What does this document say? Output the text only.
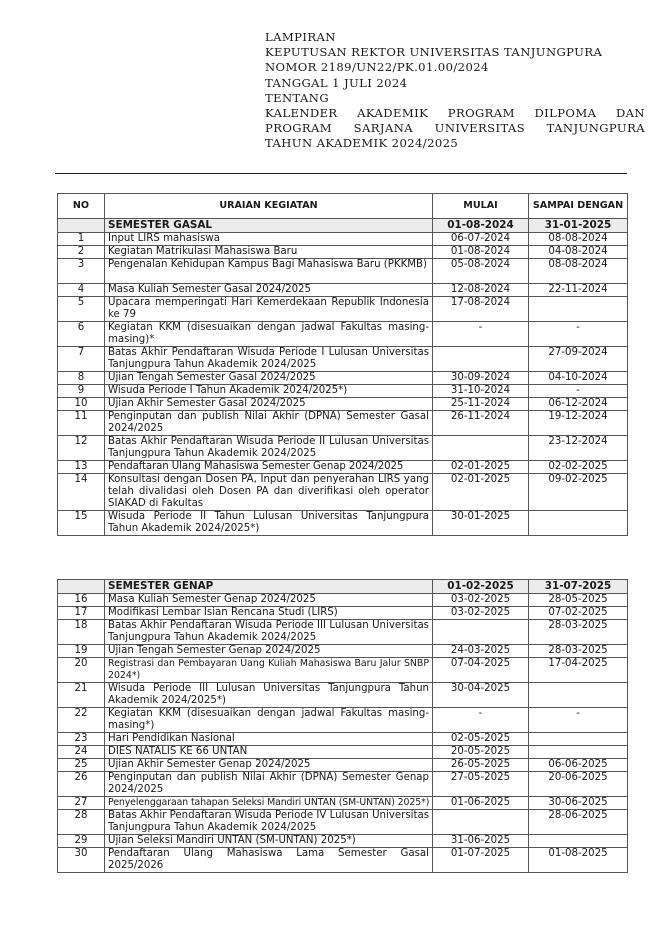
LAMPIRAN
KEPUTUSAN REKTOR UNIVERSITAS TANJUNGPURA
NOMOR 2189/UN22/PK.01.00/2024
TANGGAL 1 JULI 2024
TENTANG
KALENDER AKADEMIK PROGRAM DILPOMA DAN
PROGRAM SARJANA UNIVERSITAS TANJUNGPURA
TAHUN AKADEMIK 2024/2025
NO	URAIAN KEGIATAN	MULAI	SAMPAI DENGAN
	SEMESTER GASAL	01-08-2024	31-01-2025
1	Input LIRS mahasiswa	06-07-2024	08-08-2024
2	Kegiatan Matrikulasi Mahasiswa Baru	01-08-2024	04-08-2024
3	Pengenalan Kehidupan Kampus Bagi Mahasiswa Baru (PKKMB)	05-08-2024	08-08-2024
4	Masa Kuliah Semester Gasal 2024/2025	12-08-2024	22-11-2024
5	Upacara memperingati Hari Kemerdekaan Republik Indonesia ke 79	17-08-2024	
6	Kegiatan KKM (disesuaikan dengan jadwal Fakultas masing-masing)*	-	-
7	Batas Akhir Pendaftaran Wisuda Periode I Lulusan Universitas Tanjungpura Tahun Akademik 2024/2025		27-09-2024
8	Ujian Tengah Semester Gasal 2024/2025	30-09-2024	04-10-2024
9	Wisuda Periode I Tahun Akademik 2024/2025*)	31-10-2024	-
10	Ujian Akhir Semester Gasal 2024/2025	25-11-2024	06-12-2024
11	Penginputan dan publish Nilai Akhir (DPNA) Semester Gasal 2024/2025	26-11-2024	19-12-2024
12	Batas Akhir Pendaftaran Wisuda Periode II Lulusan Universitas Tanjungpura Tahun Akademik 2024/2025		23-12-2024
13	Pendaftaran Ulang Mahasiswa Semester Genap 2024/2025	02-01-2025	02-02-2025
14	Konsultasi dengan Dosen PA, Input dan penyerahan LIRS yang telah divalidasi oleh Dosen PA dan diverifikasi oleh operator SIAKAD di Fakultas	02-01-2025	09-02-2025
15	Wisuda Periode II Tahun Lulusan Universitas Tanjungpura Tahun Akademik 2024/2025*)	30-01-2025	
	SEMESTER GENAP	01-02-2025	31-07-2025
16	Masa Kuliah Semester Genap 2024/2025	03-02-2025	28-05-2025
17	Modifikasi Lembar Isian Rencana Studi (LIRS)	03-02-2025	07-02-2025
18	Batas Akhir Pendaftaran Wisuda Periode III Lulusan Universitas Tanjungpura Tahun Akademik 2024/2025		28-03-2025
19	Ujian Tengah Semester Genap 2024/2025	24-03-2025	28-03-2025
20	Registrasi dan Pembayaran Uang Kuliah Mahasiswa Baru Jalur SNBP 2024*)	07-04-2025	17-04-2025
21	Wisuda Periode III Lulusan Universitas Tanjungpura Tahun Akademik 2024/2025*)	30-04-2025	
22	Kegiatan KKM (disesuaikan dengan jadwal Fakultas masing-masing*)	-	-
23	Hari Pendidikan Nasional	02-05-2025	
24	DIES NATALIS KE 66 UNTAN	20-05-2025	
25	Ujian Akhir Semester Genap 2024/2025	26-05-2025	06-06-2025
26	Penginputan dan publish Nilai Akhir (DPNA) Semester Genap 2024/2025	27-05-2025	20-06-2025
27	Penyelenggaraan tahapan Seleksi Mandiri UNTAN (SM-UNTAN) 2025*)	01-06-2025	30-06-2025
28	Batas Akhir Pendaftaran Wisuda Periode IV Lulusan Universitas Tanjungpura Tahun Akademik 2024/2025		28-06-2025
29	Ujian Seleksi Mandiri UNTAN (SM-UNTAN) 2025*)	31-06-2025	
30	Pendaftaran Ulang Mahasiswa Lama Semester Gasal 2025/2026	01-07-2025	01-08-2025
